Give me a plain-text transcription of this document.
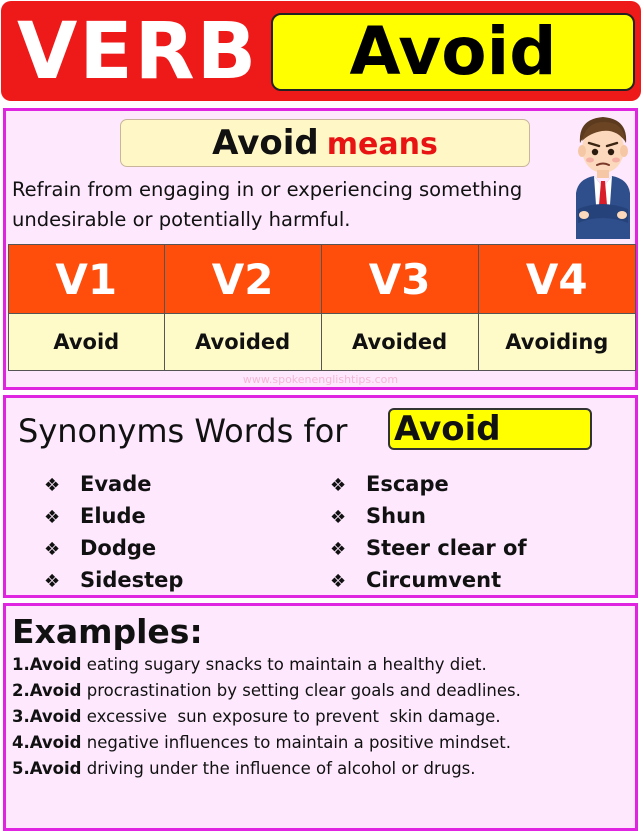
VERB	Avoid
Avoid means
Refrain from engaging in or experiencing something undesirable or potentially harmful.
V1	V2	V3	V4
Avoid	Avoided	Avoided	Avoiding
www.spokenenglishtips.com
Synonyms Words for Avoid
❖ Evade
❖ Elude
❖ Dodge
❖ Sidestep
❖ Escape
❖ Shun
❖ Steer clear of
❖ Circumvent
Examples:
1.Avoid eating sugary snacks to maintain a healthy diet.
2.Avoid procrastination by setting clear goals and deadlines.
3.Avoid excessive  sun exposure to prevent  skin damage.
4.Avoid negative influences to maintain a positive mindset.
5.Avoid driving under the influence of alcohol or drugs.
